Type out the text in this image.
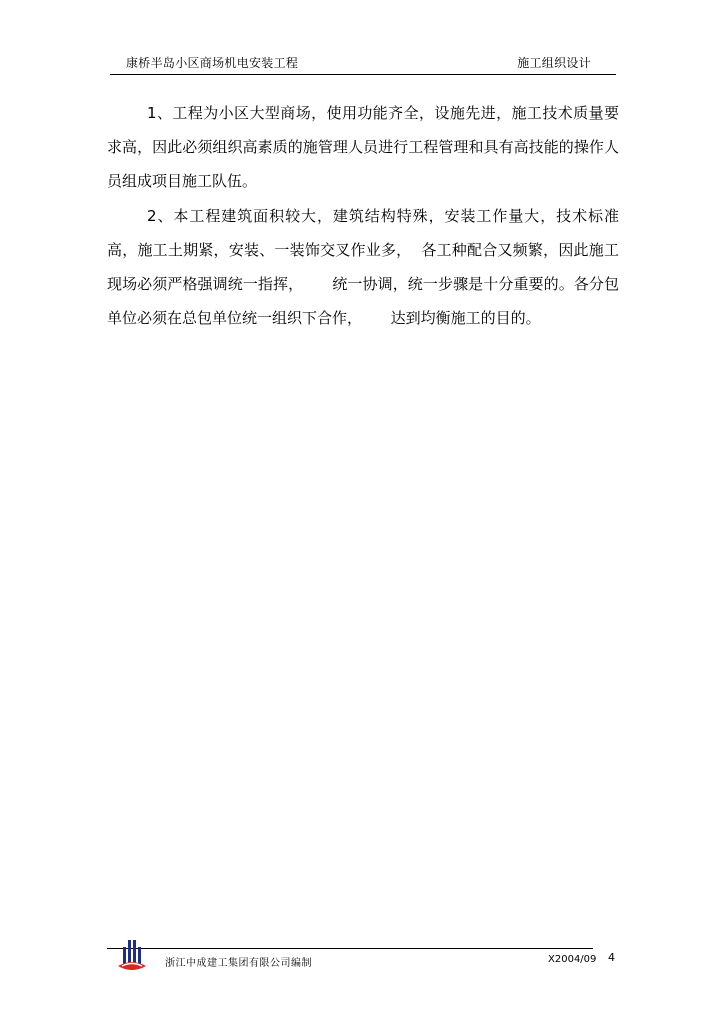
康桥半岛小区商场机电安装工程	施工组织设计

1、工程为小区大型商场，使用功能齐全，设施先进，施工技术质量要求高，因此必须组织高素质的施管理人员进行工程管理和具有高技能的操作人员组成项目施工队伍。

2、本工程建筑面积较大，建筑结构特殊，安装工作量大，技术标准高，施工土期紧，安装、一装饰交叉作业多，  各工种配合又频繁，因此施工现场必须严格强调统一指挥，      统一协调，统一步骤是十分重要的。各分包单位必须在总包单位统一组织下合作，      达到均衡施工的目的。

浙江中成建工集团有限公司编制	X2004/09 4
